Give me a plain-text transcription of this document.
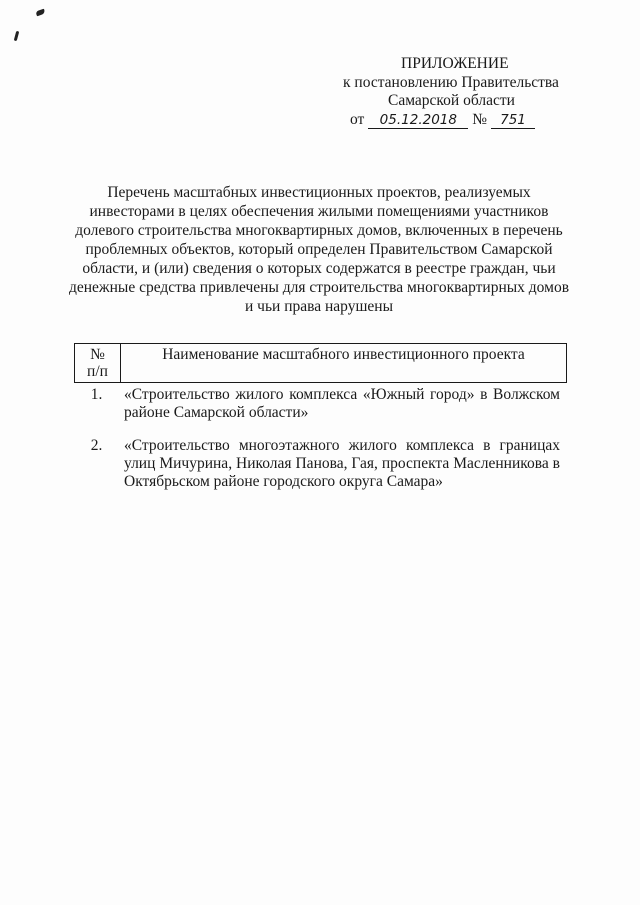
ПРИЛОЖЕНИЕ
к постановлению Правительства
Самарской области
от 05.12.2018 № 751
Перечень масштабных инвестиционных проектов, реализуемых
инвесторами в целях обеспечения жилыми помещениями участников
долевого строительства многоквартирных домов, включенных в перечень
проблемных объектов, который определен Правительством Самарской
области, и (или) сведения о которых содержатся в реестре граждан, чьи
денежные средства привлечены для строительства многоквартирных домов
и чьи права нарушены
№
п/п
Наименование масштабного инвестиционного проекта
1.	«Строительство жилого комплекса «Южный город» в Волжском районе Самарской области»
2.	«Строительство многоэтажного жилого комплекса в границах улиц Мичурина, Николая Панова, Гая, проспекта Масленникова в Октябрьском районе городского округа Самара»
